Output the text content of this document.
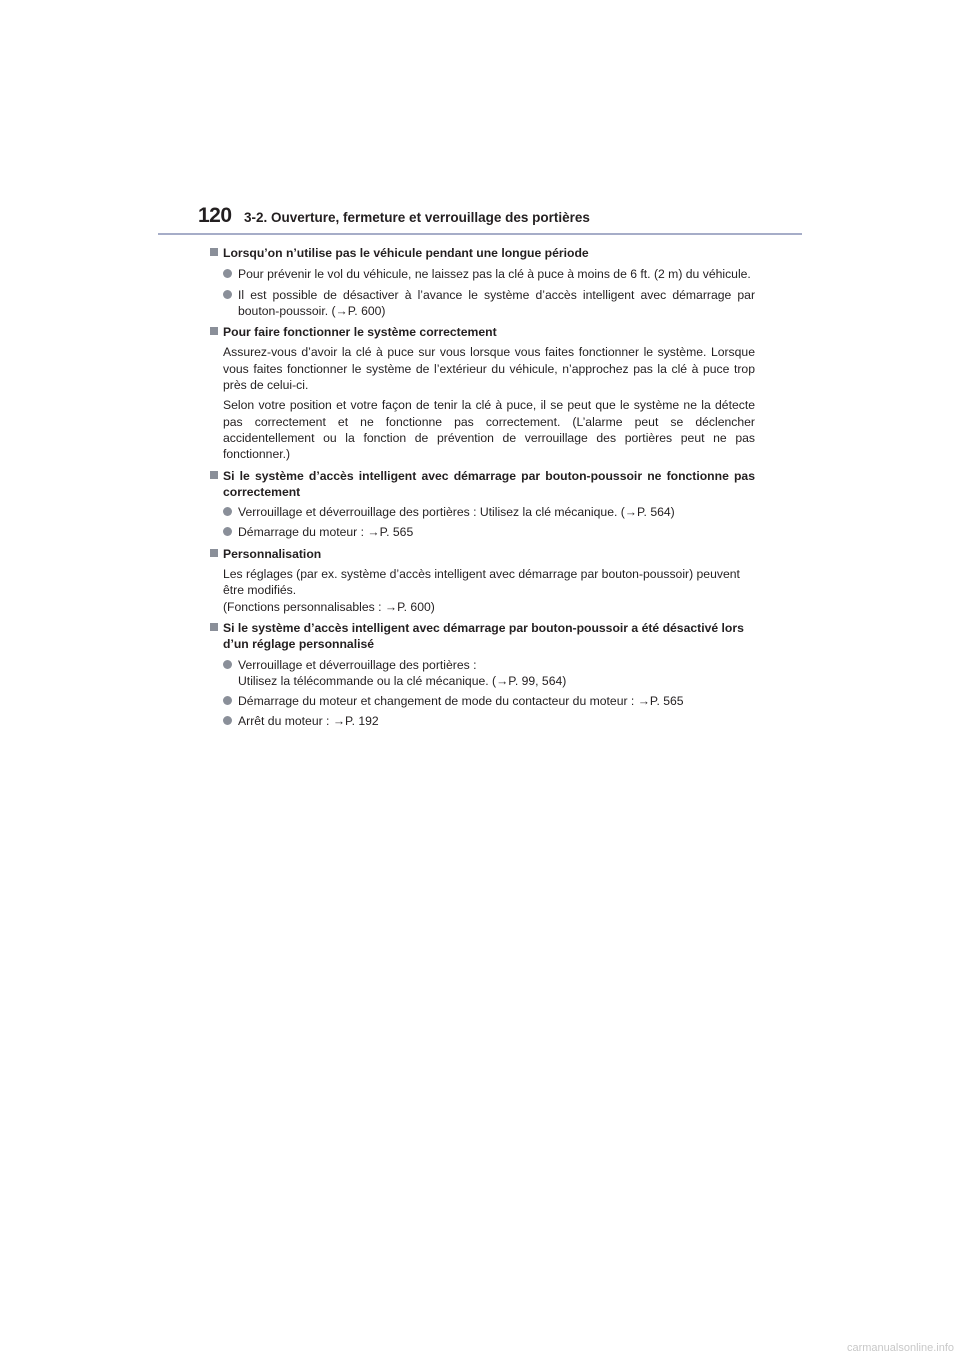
120 3-2. Ouverture, fermeture et verrouillage des portières
Lorsqu’on n’utilise pas le véhicule pendant une longue période
Pour prévenir le vol du véhicule, ne laissez pas la clé à puce à moins de 6 ft. (2 m) du véhicule.
Il est possible de désactiver à l’avance le système d’accès intelligent avec démarrage par bouton-poussoir. (→P. 600)
Pour faire fonctionner le système correctement
Assurez-vous d’avoir la clé à puce sur vous lorsque vous faites fonctionner le système. Lorsque vous faites fonctionner le système de l’extérieur du véhicule, n’approchez pas la clé à puce trop près de celui-ci.
Selon votre position et votre façon de tenir la clé à puce, il se peut que le système ne la détecte pas correctement et ne fonctionne pas correctement. (L’alarme peut se déclencher accidentellement ou la fonction de prévention de verrouillage des portières peut ne pas fonctionner.)
Si le système d’accès intelligent avec démarrage par bouton-poussoir ne fonctionne pas correctement
Verrouillage et déverrouillage des portières : Utilisez la clé mécanique. (→P. 564)
Démarrage du moteur : →P. 565
Personnalisation
Les réglages (par ex. système d’accès intelligent avec démarrage par bouton-poussoir) peuvent être modifiés.
(Fonctions personnalisables : →P. 600)
Si le système d’accès intelligent avec démarrage par bouton-poussoir a été désactivé lors d’un réglage personnalisé
Verrouillage et déverrouillage des portières :
Utilisez la télécommande ou la clé mécanique. (→P. 99, 564)
Démarrage du moteur et changement de mode du contacteur du moteur : →P. 565
Arrêt du moteur : →P. 192
carmanualsonline.info
